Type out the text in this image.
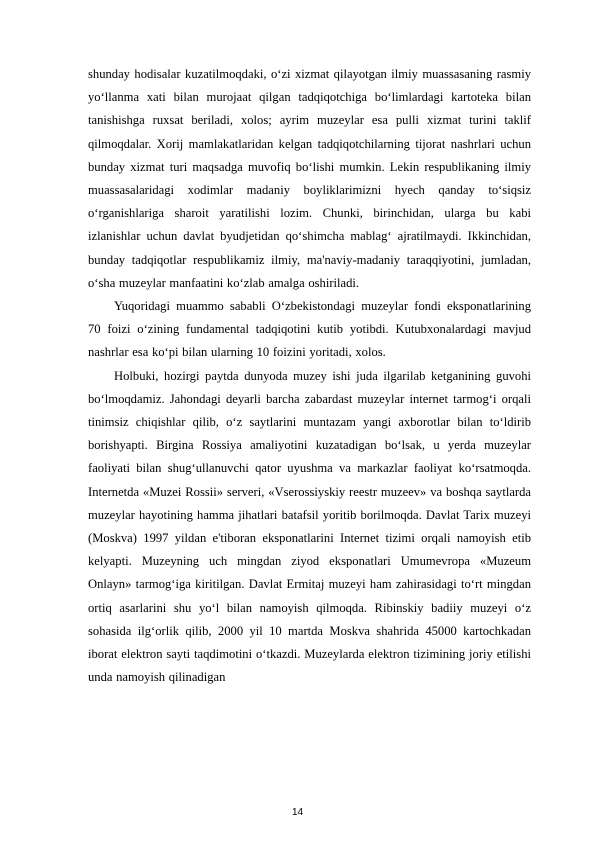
shunday hodisalar kuzatilmoqdaki, o‘zi xizmat qilayotgan ilmiy muassasaning rasmiy yo‘llanma xati bilan murojaat qilgan tadqiqotchiga bo‘limlardagi kartoteka bilan tanishishga ruxsat beriladi, xolos; ayrim muzeylar esa pulli xizmat turini taklif qilmoqdalar. Xorij mamlakatlaridan kelgan tadqiqotchilarning tijorat nashrlari uchun bunday xizmat turi maqsadga muvofiq bo‘lishi mumkin. Lekin respublikaning ilmiy muassasalaridagi xodimlar madaniy boyliklarimizni hyech qanday to‘siqsiz o‘rganishlariga sharoit yaratilishi lozim. Chunki, birinchidan, ularga bu kabi izlanishlar uchun davlat byudjetidan qo‘shimcha mablag‘ ajratilmaydi. Ikkinchidan, bunday tadqiqotlar respublikamiz ilmiy, ma'naviy-madaniy taraqqiyotini, jumladan, o‘sha muzeylar manfaatini ko‘zlab amalga oshiriladi.

Yuqoridagi muammo sababli O‘zbekistondagi muzeylar fondi eksponatlarining 70 foizi o‘zining fundamental tadqiqotini kutib yotibdi. Kutubxonalardagi mavjud nashrlar esa ko‘pi bilan ularning 10 foizini yoritadi, xolos.

Holbuki, hozirgi paytda dunyoda muzey ishi juda ilgarilab ketganining guvohi bo‘lmoqdamiz. Jahondagi deyarli barcha zabardast muzeylar internet tarmog‘i orqali tinimsiz chiqishlar qilib, o‘z saytlarini muntazam yangi axborotlar bilan to‘ldirib borishyapti. Birgina Rossiya amaliyotini kuzatadigan bo‘lsak, u yerda muzeylar faoliyati bilan shug‘ullanuvchi qator uyushma va markazlar faoliyat ko‘rsatmoqda. Internetda «Muzei Rossii» serveri, «Vserossiyskiy reestr muzeev» va boshqa saytlarda muzeylar hayotining hamma jihatlari batafsil yoritib borilmoqda. Davlat Tarix muzeyi (Moskva) 1997 yildan e'tiboran eksponatlarini Internet tizimi orqali namoyish etib kelyapti. Muzeyning uch mingdan ziyod eksponatlari Umumevropa «Muzeum Onlayn» tarmog‘iga kiritilgan. Davlat Ermitaj muzeyi ham zahirasidagi to‘rt mingdan ortiq asarlarini shu yo‘l bilan namoyish qilmoqda. Ribinskiy badiiy muzeyi o‘z sohasida ilg‘orlik qilib, 2000 yil 10 martda Moskva shahrida 45000 kartochkadan iborat elektron sayti taqdimotini o‘tkazdi. Muzeylarda elektron tizimining joriy etilishi unda namoyish qilinadigan

14
